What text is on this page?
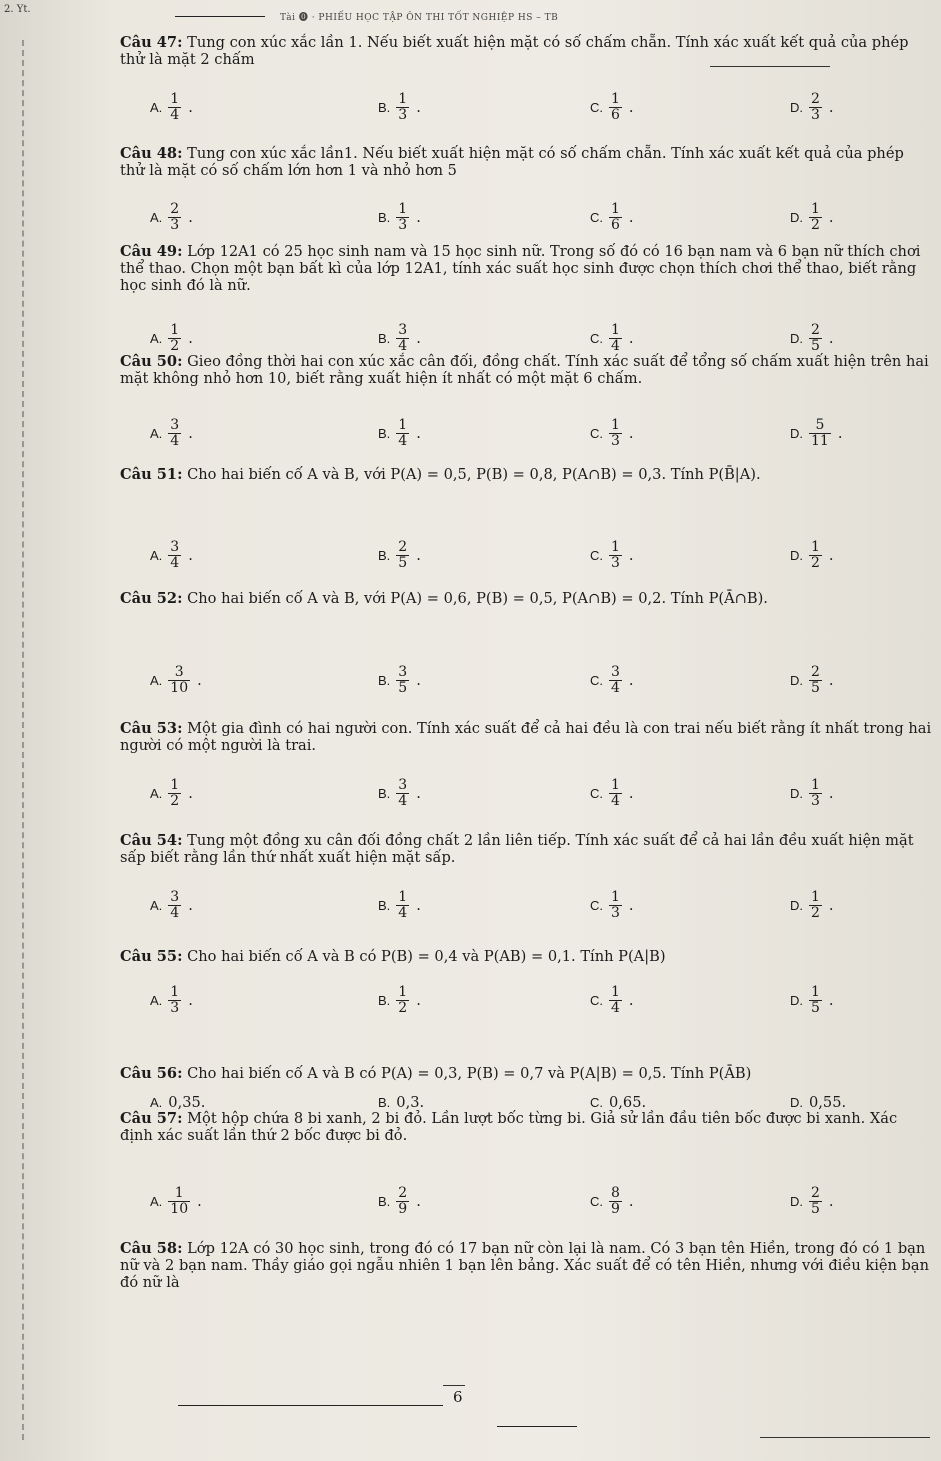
2. Yt.
Tài ⓿ · PHIẾU HỌC TẬP ÔN THI TỐT NGHIỆP HS – TB
Câu 47: Tung con xúc xắc lần 1. Nếu biết xuất hiện mặt có số chấm chẵn. Tính xác xuất kết quả của phép thử là mặt 2 chấm
A. $\frac{1}{4}$ .	B. $\frac{1}{3}$ .	C. $\frac{1}{6}$ .	D. $\frac{2}{3}$ .
Câu 48: Tung con xúc xắc lần1. Nếu biết xuất hiện mặt có số chấm chẵn. Tính xác xuất kết quả của phép thử là mặt có số chấm lớn hơn 1 và nhỏ hơn 5
A. $\frac{2}{3}$ .	B. $\frac{1}{3}$ .	C. $\frac{1}{6}$ .	D. $\frac{1}{2}$ .
Câu 49: Lớp 12A1 có 25 học sinh nam và 15 học sinh nữ. Trong số đó có 16 bạn nam và 6 bạn nữ thích chơi thể thao. Chọn một bạn bất kì của lớp 12A1, tính xác suất học sinh được chọn thích chơi thể thao, biết rằng học sinh đó là nữ.
A. $\frac{1}{2}$ .	B. $\frac{3}{4}$ .	C. $\frac{1}{4}$ .	D. $\frac{2}{5}$ .
Câu 50: Gieo đồng thời hai con xúc xắc cân đối, đồng chất. Tính xác suất để tổng số chấm xuất hiện trên hai mặt không nhỏ hơn 10, biết rằng xuất hiện ít nhất có một mặt 6 chấm.
A. $\frac{3}{4}$ .	B. $\frac{1}{4}$ .	C. $\frac{1}{3}$ .	D. $\frac{5}{11}$ .
Câu 51: Cho hai biến cố A và B, với P(A) = 0,5, P(B) = 0,8, P(A∩B) = 0,3. Tính P(B̄|A).
A. $\frac{3}{4}$ .	B. $\frac{2}{5}$ .	C. $\frac{1}{3}$ .	D. $\frac{1}{2}$ .
Câu 52: Cho hai biến cố A và B, với P(A) = 0,6, P(B) = 0,5, P(A∩B) = 0,2. Tính P(Ā∩B).
A. $\frac{3}{10}$ .	B. $\frac{3}{5}$ .	C. $\frac{3}{4}$ .	D. $\frac{2}{5}$ .
Câu 53: Một gia đình có hai người con. Tính xác suất để cả hai đều là con trai nếu biết rằng ít nhất trong hai người có một người là trai.
A. $\frac{1}{2}$ .	B. $\frac{3}{4}$ .	C. $\frac{1}{4}$ .	D. $\frac{1}{3}$ .
Câu 54: Tung một đồng xu cân đối đồng chất 2 lần liên tiếp. Tính xác suất để cả hai lần đều xuất hiện mặt sấp biết rằng lần thứ nhất xuất hiện mặt sấp.
A. $\frac{3}{4}$ .	B. $\frac{1}{4}$ .	C. $\frac{1}{3}$ .	D. $\frac{1}{2}$ .
Câu 55: Cho hai biến cố A và B có P(B) = 0,4 và P(AB) = 0,1. Tính P(A|B)
A. $\frac{1}{3}$ .	B. $\frac{1}{2}$ .	C. $\frac{1}{4}$ .	D. $\frac{1}{5}$ .
Câu 56: Cho hai biến cố A và B có P(A) = 0,3, P(B) = 0,7 và P(A|B) = 0,5. Tính P(ĀB)
A. 0,35.	B. 0,3.	C. 0,65.	D. 0,55.
Câu 57: Một hộp chứa 8 bi xanh, 2 bi đỏ. Lần lượt bốc từng bi. Giả sử lần đầu tiên bốc được bi xanh. Xác định xác suất lần thứ 2 bốc được bi đỏ.
A. $\frac{1}{10}$ .	B. $\frac{2}{9}$ .	C. $\frac{8}{9}$ .	D. $\frac{2}{5}$ .
Câu 58: Lớp 12A có 30 học sinh, trong đó có 17 bạn nữ còn lại là nam. Có 3 bạn tên Hiền, trong đó có 1 bạn nữ và 2 bạn nam. Thầy giáo gọi ngẫu nhiên 1 bạn lên bảng. Xác suất để có tên Hiền, nhưng với điều kiện bạn đó nữ là
6
